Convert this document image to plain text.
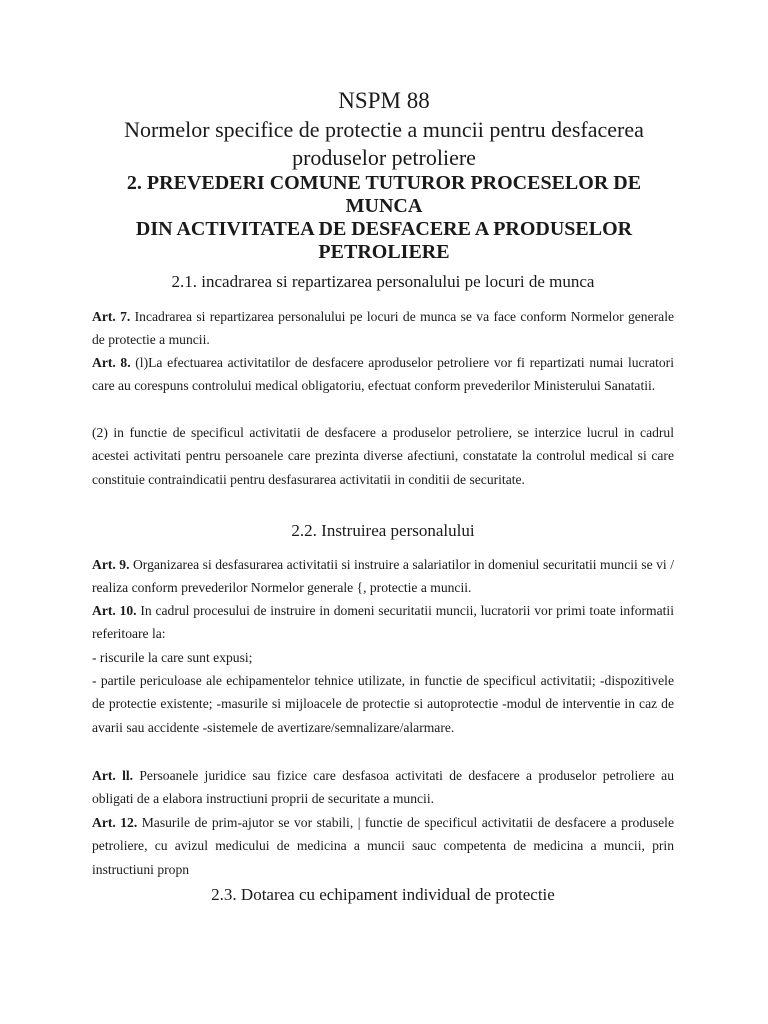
NSPM 88
Normelor specifice de protectie a muncii pentru desfacerea
produselor petroliere
2. PREVEDERI COMUNE TUTUROR PROCESELOR DE
MUNCA
DIN ACTIVITATEA DE DESFACERE A PRODUSELOR
PETROLIERE
2.1. incadrarea si repartizarea personalului pe locuri de munca
Art. 7. Incadrarea si repartizarea personalului pe locuri de munca se va face conform Normelor generale de protectie a muncii.
Art. 8. (l)La efectuarea activitatilor de desfacere aproduselor petroliere vor fi repartizati numai lucratori care au corespuns controlului medical obligatoriu, efectuat conform prevederilor Ministerului Sanatatii.
(2) in functie de specificul activitatii de desfacere a produselor petroliere, se interzice lucrul in cadrul acestei activitati pentru persoanele care prezinta diverse afectiuni, constatate la controlul medical si care constituie contraindicatii pentru desfasurarea activitatii in conditii de securitate.
2.2. Instruirea personalului
Art. 9. Organizarea si desfasurarea activitatii si instruire a salariatilor in domeniul securitatii muncii se vi / realiza conform prevederilor Normelor generale {, protectie a muncii.
Art. 10. In cadrul procesului de instruire in domeni securitatii muncii, lucratorii vor primi toate informatii referitoare la:
- riscurile la care sunt expusi;
- partile periculoase ale echipamentelor tehnice utilizate, in functie de specificul activitatii; -dispozitivele de protectie existente; -masurile si mijloacele de protectie si autoprotectie -modul de interventie in caz de avarii sau accidente -sistemele de avertizare/semnalizare/alarmare.
Art. ll. Persoanele juridice sau fizice care desfasoa activitati de desfacere a produselor petroliere au obligati de a elabora instructiuni proprii de securitate a muncii.
Art. 12. Masurile de prim-ajutor se vor stabili, | functie de specificul activitatii de desfacere a produsele petroliere, cu avizul medicului de medicina a muncii sauc competenta de medicina a muncii, prin instructiuni propn
2.3. Dotarea cu echipament individual de protectie
